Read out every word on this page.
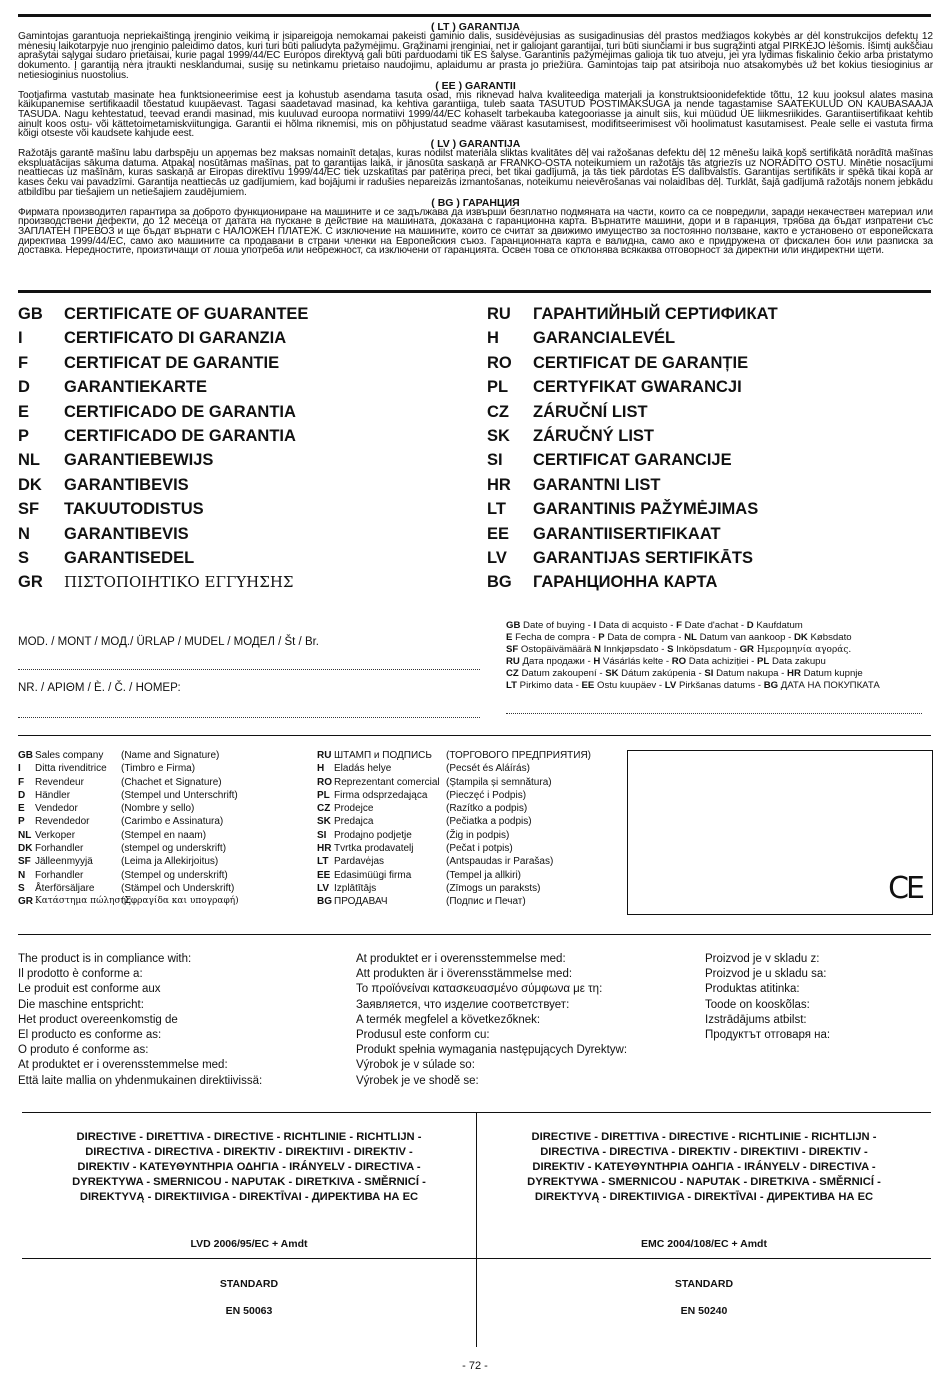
( LT ) GARANTIJA
Gamintojas garantuoja nepriekaištingą įrenginio veikimą ir įsipareigoja nemokamai pakeisti gaminio dalis, susidėvėjusias as susigadinusias dėl prastos medžiagos kokybės ar dėl konstrukcijos defektų 12 mėnesių laikotarpyje nuo įrenginio paleidimo datos, kuri turi būti paliudyta pažymėjimu. Grąžinami įrenginiai, net ir galiojant garantijai, turi būti siunčiami ir bus sugrąžinti atgal PIRKĖJO lėšomis. Išimtį aukščiau aprašytai sąlygai sudaro prietaisai, kurie pagal 1999/44/EC Europos direktyvą gali būti parduodami tik ES šalyse. Garantinis pažymėjimas galioja tik tuo atveju, jei yra lydimas fiskalinio čekio arba pristatymo dokumento. Į garantiją nėra įtraukti nesklandumai, susiję su netinkamu prietaiso naudojimu, aplaidumu ar prasta jo priežiūra. Gamintojas taip pat atsiriboja nuo atsakomybės už bet kokius tiesioginius ar netiesioginius nuostolius.
( EE ) GARANTII
Tootjafirma vastutab masinate hea funktsioneerimise eest ja kohustub asendama tasuta osad, mis riknevad halva kvaliteediga materjali ja konstruktsioonidefektide tõttu, 12 kuu jooksul alates masina käikupanemise sertifikaadil tõestatud kuupäevast. Tagasi saadetavad masinad, ka kehtiva garantiiga, tuleb saata TASUTUD POSTIMAKSUGA ja nende tagastamise SAATEKULUD ON KAUBASAAJA TASUDA. Nagu kehtestatud, teevad erandi masinad, mis kuuluvad euroopa normatiivi 1999/44/EC kohaselt tarbekauba kategooriasse ja ainult siis, kui müüdud ÜE liikmesriikides. Garantiisertifikaat kehtib ainult koos ostu- või kättetoimetamiskviitungiga. Garantii ei hõlma riknemisi, mis on põhjustatud seadme väärast kasutamisest, modifitseerimisest või hoolimatust kasutamisest. Peale selle ei vastuta firma kõigi otseste või kaudsete kahjude eest.
( LV ) GARANTIJA
Ražotājs garantē mašīnu labu darbspēju un apņemas bez maksas nomainīt detaļas, kuras nodilst materiāla sliktas kvalitātes dēļ vai ražošanas defektu dēļ 12 mēnešu laikā kopš sertifikātā norādītā mašīnas ekspluatācijas sākuma datuma. Atpakaļ nosūtāmas mašīnas, pat to garantijas laikā, ir jānosūta saskaņā ar FRANKO-OSTA noteikumiem un ražotājs tās atgriezīs uz NORĀDĪTO OSTU. Minētie nosacījumi neattiecas uz mašīnām, kuras saskaņā ar Eiropas direktīvu 1999/44/EC tiek uzskatītas par patēriņa preci, bet tikai gadījumā, ja tās tiek pārdotas ES dalībvalstīs. Garantijas sertifikāts ir spēkā tikai kopā ar kases čeku vai pavadzīmi. Garantija neattiecās uz gadījumiem, kad bojājumi ir radušies nepareizās izmantošanas, noteikumu neievērošanas vai nolaidības dēļ. Turklāt, šajā gadījumā ražotājs nonem jebkādu atbildību par tiešajiem un netiešajiem zaudējumiem.
( BG ) ГАРАНЦИЯ
Фирмата производител гарантира за доброто функциониране на машините и се задължава да извърши безплатно подмяната на части, които са се повредили, заради некачествен материал или производствени дефекти, до 12 месеца от датата на пускане в действие на машината, доказана с гаранционна карта. Върнатите машини, дори и в гаранция, трябва да бъдат изпратени със ЗАПЛАТЕН ПРЕВОЗ и ще бъдат върнати с НАЛОЖЕН ПЛАТЕЖ. С изключение на машините, които се считат за движимо имущество за постоянно ползване, както е установено от европейската директива 1999/44/ЕС, само ако машините са продавани в страни членки на Европейския съюз. Гаранционната карта е валидна, само ако е придружена от фискален бон или разписка за доставка. Нередностите, произтичащи от лоша употреба или небрежност, са изключени от гаранцията. Освен това се отклонява всякаква отговорност за директни или индиректни щети.
GB	CERTIFICATE OF GUARANTEE
I	CERTIFICATO DI GARANZIA
F	CERTIFICAT DE GARANTIE
D	GARANTIEKARTE
E	CERTIFICADO DE GARANTIA
P	CERTIFICADO DE GARANTIA
NL	GARANTIEBEWIJS
DK	GARANTIBEVIS
SF	TAKUUTODISTUS
N	GARANTIBEVIS
S	GARANTISEDEL
GR	ΠΙΣΤΟΠΟΙΗΤΙΚΟ ΕΓΓΥΗΣΗΣ
RU	ГАРАНТИЙНЫЙ СЕРТИФИКАТ
H	GARANCIALEVÉL
RO	CERTIFICAT DE GARANȚIE
PL	CERTYFIKAT GWARANCJI
CZ	ZÁRUČNÍ LIST
SK	ZÁRUČNÝ LIST
SI	CERTIFICAT GARANCIJE
HR	GARANTNI LIST
LT	GARANTINIS PAŽYMĖJIMAS
EE	GARANTIISERTIFIKAAT
LV	GARANTIJAS SERTIFIKĀTS
BG	ГАРАНЦИОННА КАРТА
MOD. / MONT / МОД./ ÜRLAP / MUDEL / МОДЕЛ / Št / Br.
NR. / ΑΡΙΘΜ / È. / Č. / НОМЕР:
GB Date of buying - I Data di acquisto - F Date d'achat - D Kaufdatum
E Fecha de compra - P Data de compra - NL Datum van aankoop - DK Købsdato
SF Ostopäivämäärä N Innkjøpsdato - S Inköpsdatum - GR Ημερομηνία αγοράς.
RU Дата продажи - H Vásárlás kelte - RO Data achiziției - PL Data zakupu
CZ Datum zakoupení - SK Dátum zakúpenia - SI Datum nakupa - HR Datum kupnje
LT Pirkimo data - EE Ostu kuupäev - LV Pirkšanas datums - BG ДАТА НА ПОКУПКАТА
GB Sales company	(Name and Signature)
I	Ditta rivenditrice	(Timbro e Firma)
F	Revendeur	(Chachet et Signature)
D Händler	(Stempel und Unterschrift)
E	Vendedor	(Nombre y sello)
P	Revendedor	(Carimbo e Assinatura)
NL Verkoper	(Stempel en naam)
DK Forhandler	(stempel og underskrift)
SF Jälleenmyyjä	(Leima ja Allekirjoitus)
N Forhandler	(Stempel og underskrift)
S	Återförsäljare	(Stämpel och Underskrift)
GR Κατάστημα πώλησης
(Σφραγίδα και υπογραφή)
RU ШТАМП и ПОДПИСЬ	(ТОРГОВОГО ПРЕДПРИЯТИЯ)
H Eladás helye	(Pecsét és Aláírás)
RO Reprezentant comercial (Ștampila și semnătura)
PL Firma odsprzedająca	(Pieczęć i Podpis)
CZ Prodejce	(Razítko a podpis)
SK Predajca	(Pečiatka a podpis)
SI Prodajno podjetje	(Žig in podpis)
HR Tvrtka prodavatelj	(Pečat i potpis)
LT Pardavėjas	(Antspaudas ir Parašas)
EE Edasimüügi firma	(Tempel ja allkiri)
LV Izplātītājs	(Zīmogs un paraksts)
BG ПРОДАВАЧ	(Подпис и Печат)	CE
The product is in compliance with:
Il prodotto è conforme a:
Le produit est conforme aux
Die maschine entspricht:
Het product overeenkomstig de
El producto es conforme as:
O produto é conforme as:
At produktet er i overensstemmelse med:
Että laite mallia on yhdenmukainen direktiivissä:
At produktet er i overensstemmelse med:
Att produkten är i överensstämmelse med:
Το προϊόνείναι κατασκευασμένο σύμφωνα με τη:
Заявляется, что изделие соответствует:
A termék megfelel a következőknek:
Produsul este conform cu:
Produkt spełnia wymagania następujących Dyrektyw:
Výrobok je v súlade so:
Výrobek je ve shodě se:
Proizvod je v skladu z:
Proizvod je u skladu sa:
Produktas atitinka:
Toode on kooskõlas:
Izstrādājums atbilst:
Продуктът отговаря на:
DIRECTIVE - DIRETTIVA - DIRECTIVE - RICHTLINIE - RICHTLIJN -
DIRECTIVA - DIRECTIVA - DIREKTIV - DIREKTIIVI - DIREKTIV -
DIREKTIV - ΚΑΤΕΥΘΥΝΤΗΡΙΑ ΟΔΗΓΙΑ - IRÁNYELV - DIRECTIVA -
DYREKTYWA - SMERNICOU - NAPUTAK - DIRETKIVA - SMĚRNICÍ -
DIREKTYVĄ - DIREKTIIVIGA - DIREKTĪVAI - ДИРЕКТИВА НА ЕС
LVD 2006/95/EC + Amdt
STANDARD
EN 50063
DIRECTIVE - DIRETTIVA - DIRECTIVE - RICHTLINIE - RICHTLIJN -
DIRECTIVA - DIRECTIVA - DIREKTIV - DIREKTIIVI - DIREKTIV -
DIREKTIV - ΚΑΤΕΥΘΥΝΤΗΡΙΑ ΟΔΗΓΙΑ - IRÁNYELV - DIRECTIVA -
DYREKTYWA - SMERNICOU - NAPUTAK - DIRETKIVA - SMĚRNICÍ -
DIREKTYVĄ - DIREKTIIVIGA - DIREKTĪVAI - ДИРЕКТИВА НА ЕС
EMC 2004/108/EC + Amdt
STANDARD
EN 50240
- 72 -
